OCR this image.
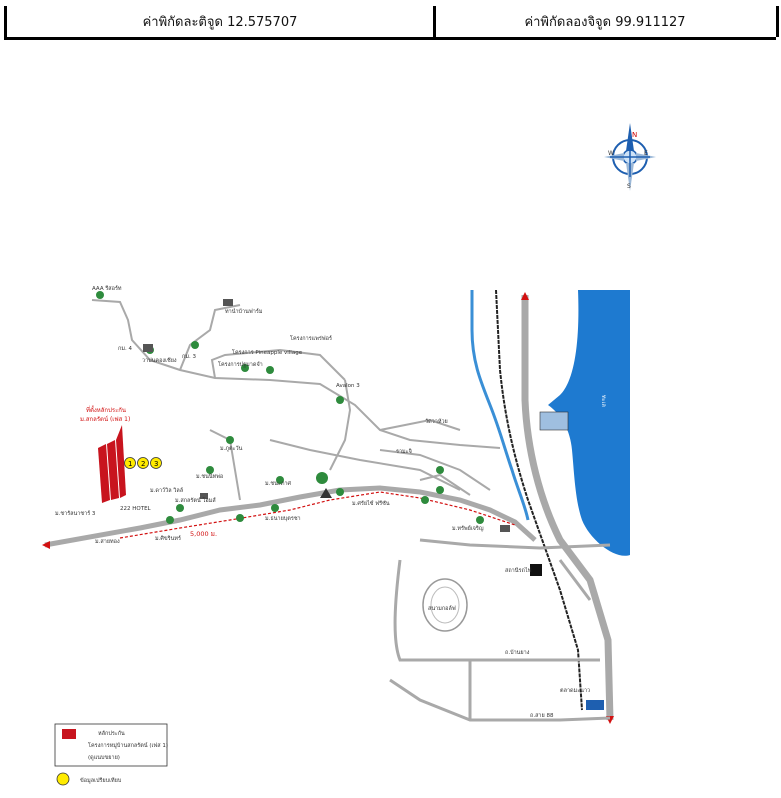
ค่าพิกัดละติจูด 12.575707	ค่าพิกัดลองจิจูด 99.911127
N
S
E
W
ทะเล
สนามกอล์ฟ
ที่ตั้งหลักประกัน
ม.สกลรัตน์ (เฟส 1)
1 2 3
สถานีรถไฟ
AAA รีสอร์ท
ทานำบ้านฟาร์ม
กม. 4
วาปนคองเชียง
กม. 3
โครงการ Pineapple village
โครงการปฐมาดจำ
โครงการแพร่ฟอร์
Avalon 3
วัดวาห้วย
รามะจิ
ม.ภูตะวัน
ม.ดาว์วิล วิลล์
ม.สกลรัตน์ โฮมส์
ม.ชนนิทพ่อ
ม.ชนะภาศ
ม.ศรัยไซ์ ฟรีซัน
ม.ชารัลนาชาร์ 3
222 HOTEL
ม.สายทอง	ม.ศิขรินทร์
ม.ธนายบุตรชา
ม.ทรัพย์เจริญ
ถ.บ้านยาง
ถ.สาย 88
ตลาดมะนาว
5,000 ม.
หลักประกัน
โครงการหมู่บ้านสกลรัตน์ (เฟส 1)
(ดูแนบขยาย)
ข้อมูลเปรียบเทียบ
